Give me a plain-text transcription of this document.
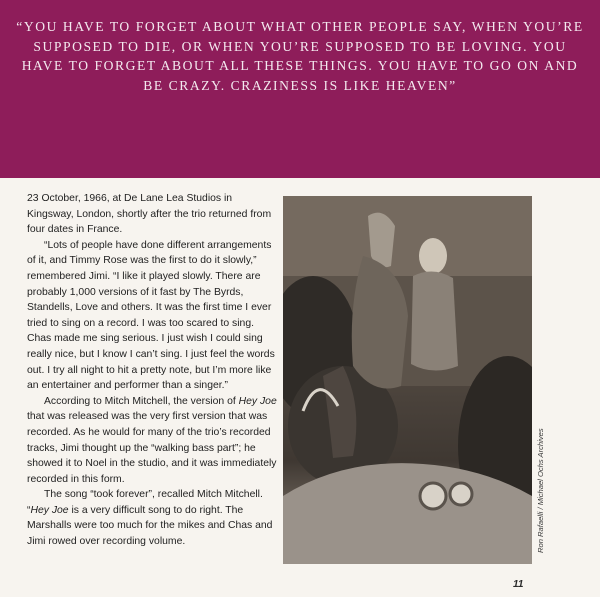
“YOU HAVE TO FORGET ABOUT WHAT OTHER PEOPLE SAY, WHEN YOU’RE SUPPOSED TO DIE, OR WHEN YOU’RE SUPPOSED TO BE LOVING. YOU HAVE TO FORGET ABOUT ALL THESE THINGS. YOU HAVE TO GO ON AND BE CRAZY. CRAZINESS IS LIKE HEAVEN”

23 October, 1966, at De Lane Lea Studios in Kingsway, London, shortly after the trio returned from four dates in France.

“Lots of people have done different arrangements of it, and Timmy Rose was the first to do it slowly,” remembered Jimi. “I like it played slowly. There are probably 1,000 versions of it fast by The Byrds, Standells, Love and others. It was the first time I ever tried to sing on a record. I was too scared to sing. Chas made me sing serious. I just wish I could sing really nice, but I know I can’t sing. I just feel the words out. I try all night to hit a pretty note, but I’m more like an entertainer and performer than a singer.”

According to Mitch Mitchell, the version of Hey Joe that was released was the very first version that was recorded. As he would for many of the trio’s recorded tracks, Jimi thought up the “walking bass part”; he showed it to Noel in the studio, and it was immediately recorded in this form.

The song “took forever”, recalled Mitch Mitchell. “Hey Joe is a very difficult song to do right. The Marshalls were too much for the mikes and Chas and Jimi rowed over recording volume.	Ron Rafaelli / Michael Ochs Archives
11
